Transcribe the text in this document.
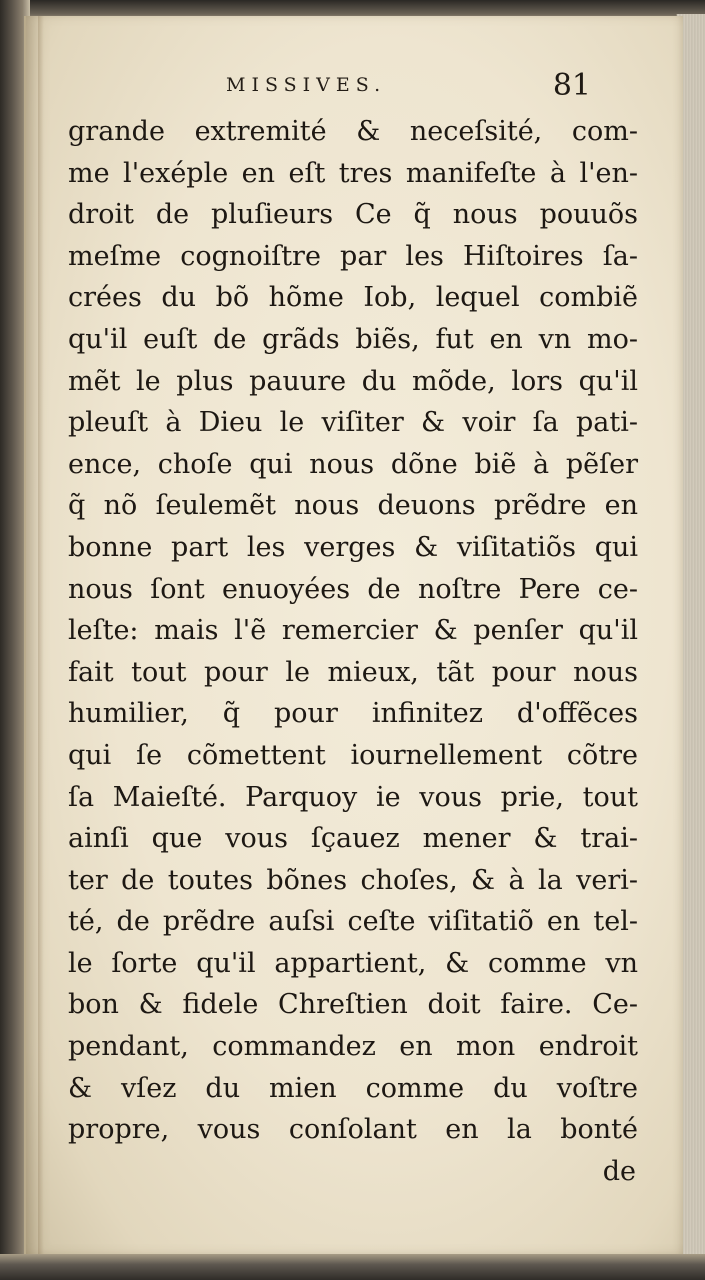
MISSIVES.	81
grande extremité & neceſsité, com-
me l'exéple en eſt tres manifeſte à l'en-
droit de pluſieurs Ce q̃ nous pouuõs
meſme cognoiſtre par les Hiſtoires ſa-
crées du bõ hõme Iob, lequel combiẽ
qu'il euſt de grãds biẽs, fut en vn mo-
mẽt le plus pauure du mõde, lors qu'il
pleuſt à Dieu le viſiter & voir ſa pati-
ence, choſe qui nous dõne biẽ à pẽſer
q̃ nõ ſeulemẽt nous deuons prẽdre en
bonne part les verges & viſitatiõs qui
nous ſont enuoyées de noſtre Pere ce-
leſte: mais l'ẽ remercier & penſer qu'il
fait tout pour le mieux, tãt pour nous
humilier, q̃ pour infinitez d'offẽces
qui ſe cõmettent iournellement cõtre
ſa Maieſté. Parquoy ie vous prie, tout
ainſi que vous ſçauez mener & trai-
ter de toutes bõnes choſes, & à la veri-
té, de prẽdre auſsi ceſte viſitatiõ en tel-
le ſorte qu'il appartient, & comme vn
bon & fidele Chreſtien doit faire. Ce-
pendant, commandez en mon endroit
& vſez du mien comme du voſtre
propre, vous conſolant en la bonté
de
